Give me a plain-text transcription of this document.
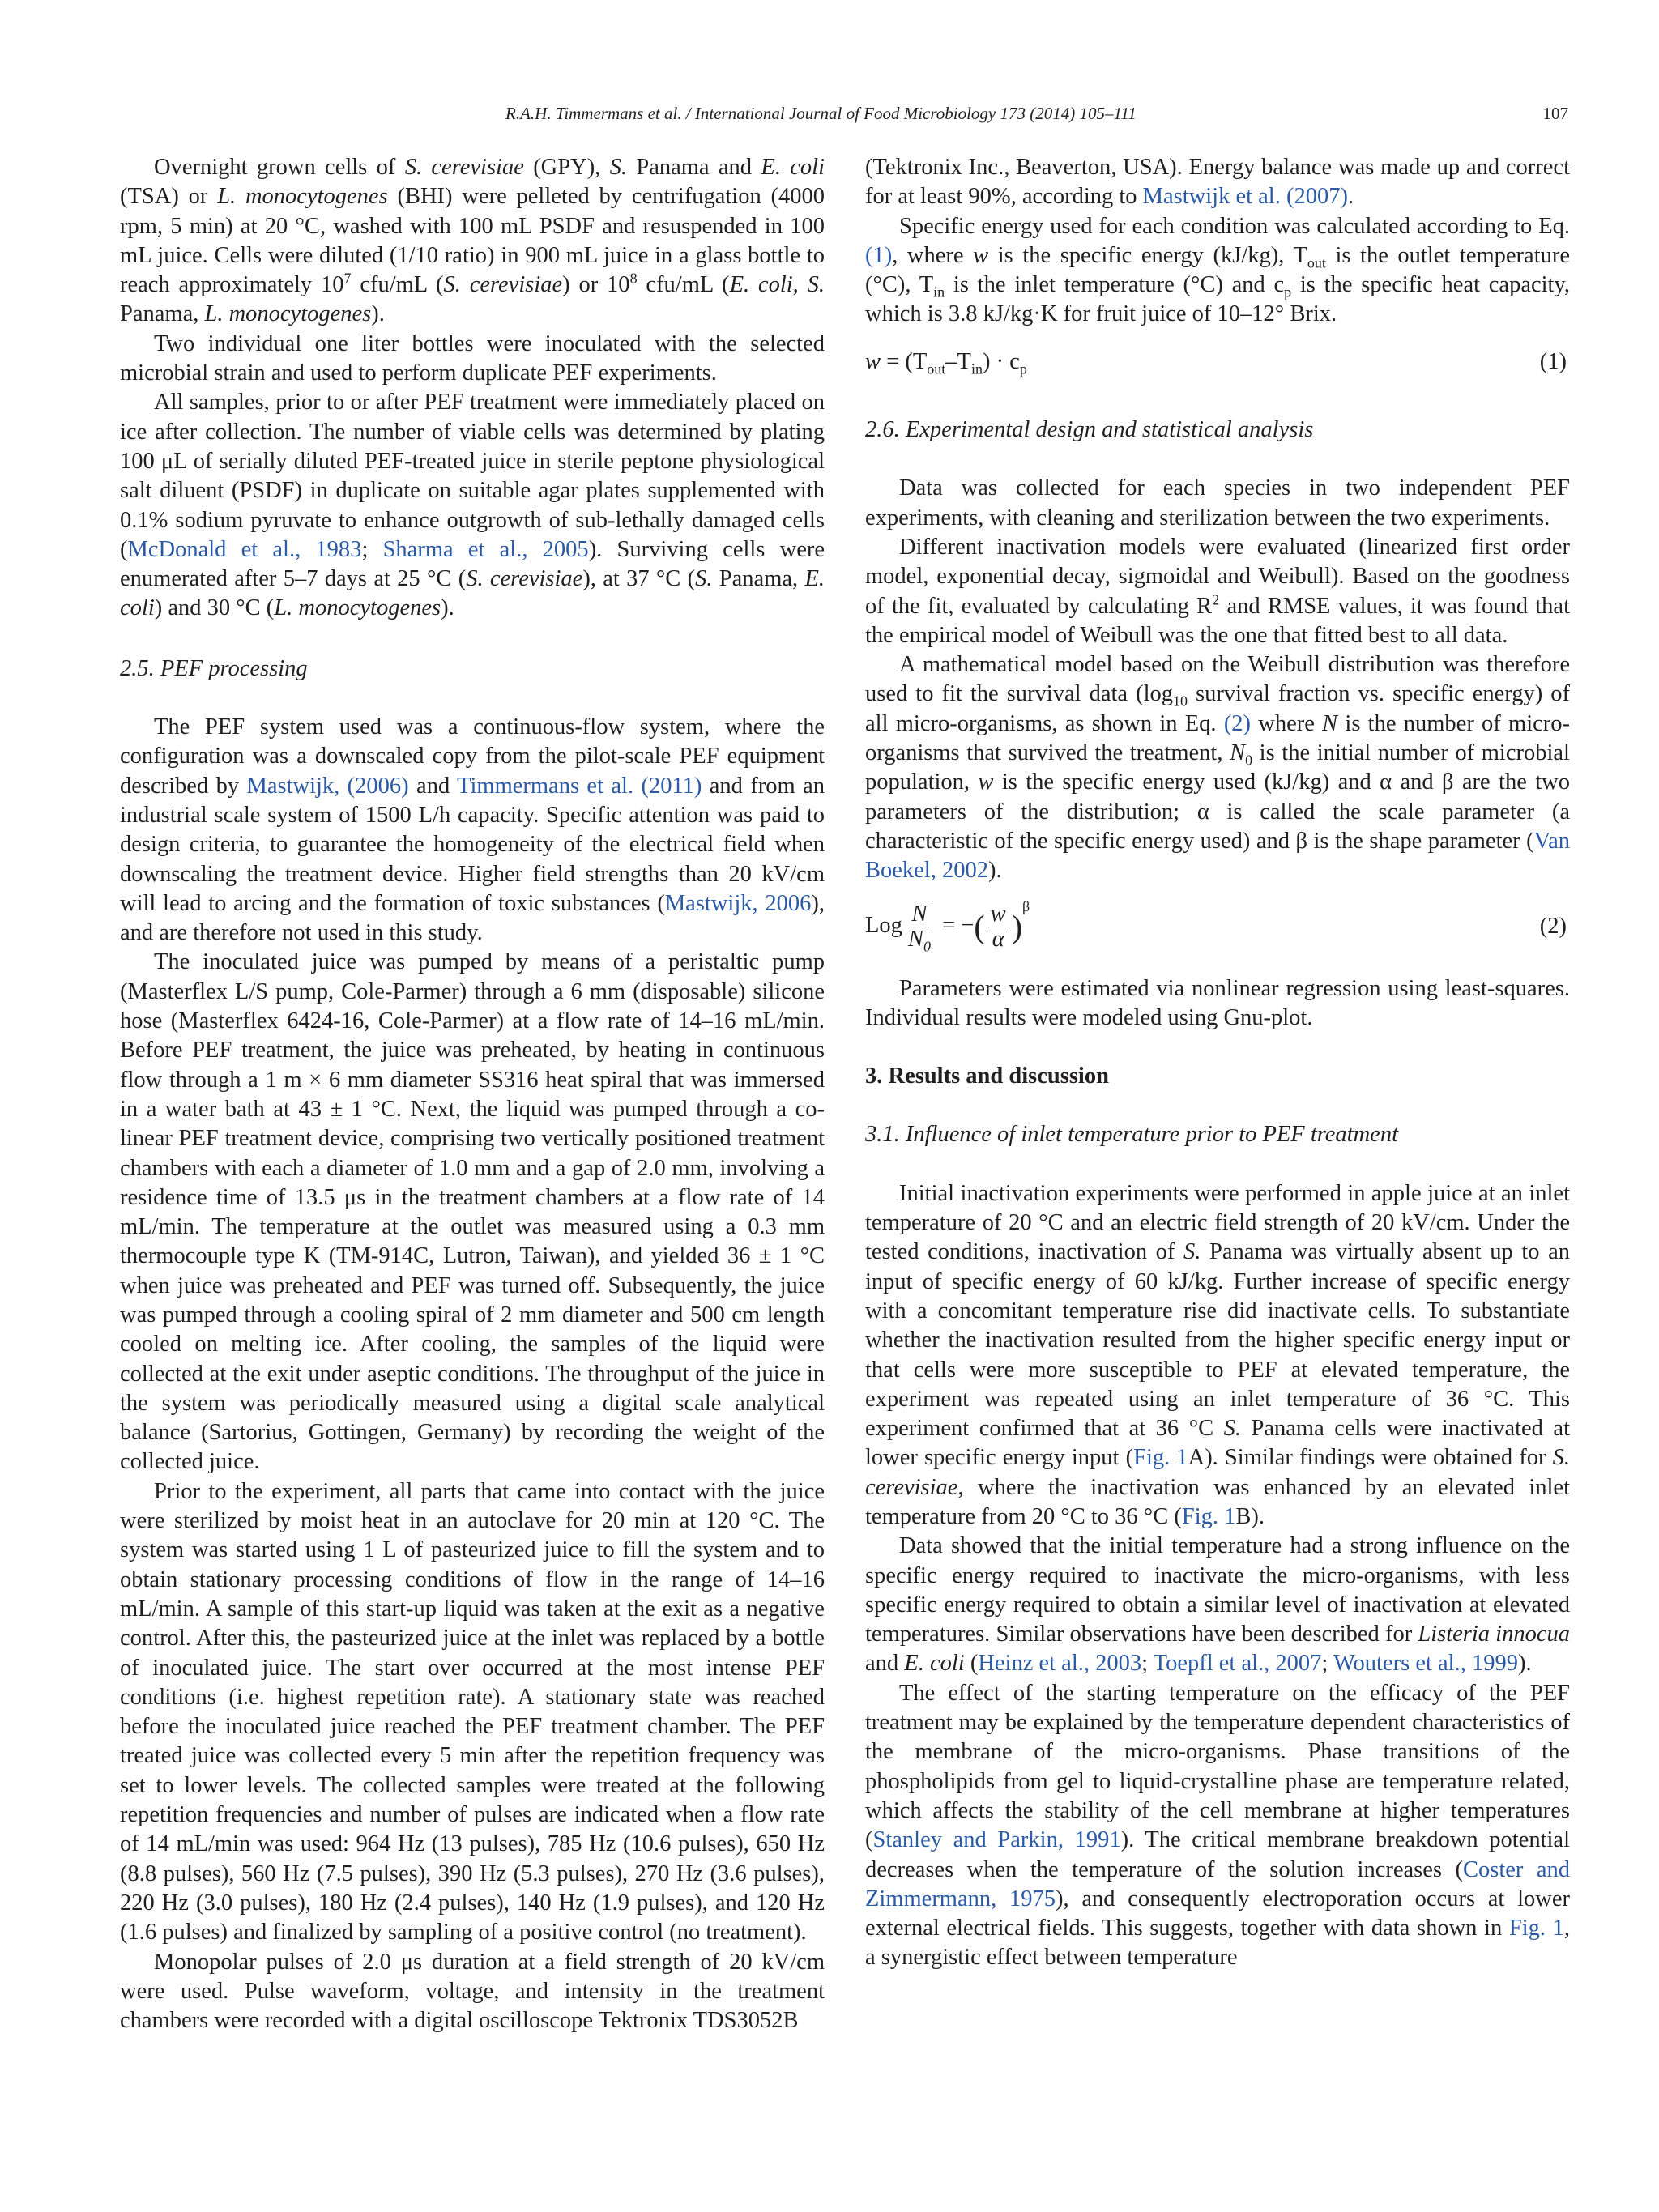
R.A.H. Timmermans et al. / International Journal of Food Microbiology 173 (2014) 105–111	107

Overnight grown cells of S. cerevisiae (GPY), S. Panama and E. coli (TSA) or L. monocytogenes (BHI) were pelleted by centrifugation (4000 rpm, 5 min) at 20 °C, washed with 100 mL PSDF and resuspended in 100 mL juice. Cells were diluted (1/10 ratio) in 900 mL juice in a glass bottle to reach approximately $10^7$ cfu/mL (S. cerevisiae) or $10^8$ cfu/mL (E. coli, S. Panama, L. monocytogenes).

Two individual one liter bottles were inoculated with the selected microbial strain and used to perform duplicate PEF experiments.

All samples, prior to or after PEF treatment were immediately placed on ice after collection. The number of viable cells was determined by plating 100 μL of serially diluted PEF-treated juice in sterile peptone physiological salt diluent (PSDF) in duplicate on suitable agar plates supplemented with 0.1% sodium pyruvate to enhance outgrowth of sub-lethally damaged cells (McDonald et al., 1983; Sharma et al., 2005). Surviving cells were enumerated after 5–7 days at 25 °C (S. cerevisiae), at 37 °C (S. Panama, E. coli) and 30 °C (L. monocytogenes).

2.5. PEF processing

The PEF system used was a continuous-flow system, where the configuration was a downscaled copy from the pilot-scale PEF equipment described by Mastwijk, (2006) and Timmermans et al. (2011) and from an industrial scale system of 1500 L/h capacity. Specific attention was paid to design criteria, to guarantee the homogeneity of the electrical field when downscaling the treatment device. Higher field strengths than 20 kV/cm will lead to arcing and the formation of toxic substances (Mastwijk, 2006), and are therefore not used in this study.

The inoculated juice was pumped by means of a peristaltic pump (Masterflex L/S pump, Cole-Parmer) through a 6 mm (disposable) silicone hose (Masterflex 6424-16, Cole-Parmer) at a flow rate of 14–16 mL/min. Before PEF treatment, the juice was preheated, by heating in continuous flow through a 1 m × 6 mm diameter SS316 heat spiral that was immersed in a water bath at 43 ± 1 °C. Next, the liquid was pumped through a co-linear PEF treatment device, comprising two vertically positioned treatment chambers with each a diameter of 1.0 mm and a gap of 2.0 mm, involving a residence time of 13.5 μs in the treatment chambers at a flow rate of 14 mL/min. The temperature at the outlet was measured using a 0.3 mm thermocouple type K (TM-914C, Lutron, Taiwan), and yielded 36 ± 1 °C when juice was preheated and PEF was turned off. Subsequently, the juice was pumped through a cooling spiral of 2 mm diameter and 500 cm length cooled on melting ice. After cooling, the samples of the liquid were collected at the exit under aseptic conditions. The throughput of the juice in the system was periodically measured using a digital scale analytical balance (Sartorius, Gottingen, Germany) by recording the weight of the collected juice.

Prior to the experiment, all parts that came into contact with the juice were sterilized by moist heat in an autoclave for 20 min at 120 °C. The system was started using 1 L of pasteurized juice to fill the system and to obtain stationary processing conditions of flow in the range of 14–16 mL/min. A sample of this start-up liquid was taken at the exit as a negative control. After this, the pasteurized juice at the inlet was replaced by a bottle of inoculated juice. The start over occurred at the most intense PEF conditions (i.e. highest repetition rate). A stationary state was reached before the inoculated juice reached the PEF treatment chamber. The PEF treated juice was collected every 5 min after the repetition frequency was set to lower levels. The collected samples were treated at the following repetition frequencies and number of pulses are indicated when a flow rate of 14 mL/min was used: 964 Hz (13 pulses), 785 Hz (10.6 pulses), 650 Hz (8.8 pulses), 560 Hz (7.5 pulses), 390 Hz (5.3 pulses), 270 Hz (3.6 pulses), 220 Hz (3.0 pulses), 180 Hz (2.4 pulses), 140 Hz (1.9 pulses), and 120 Hz (1.6 pulses) and finalized by sampling of a positive control (no treatment).

Monopolar pulses of 2.0 μs duration at a field strength of 20 kV/cm were used. Pulse waveform, voltage, and intensity in the treatment chambers were recorded with a digital oscilloscope Tektronix TDS3052B

(Tektronix Inc., Beaverton, USA). Energy balance was made up and correct for at least 90%, according to Mastwijk et al. (2007).

Specific energy used for each condition was calculated according to Eq. (1), where w is the specific energy (kJ/kg), $T_{out}$ is the outlet temperature (°C), $T_{in}$ is the inlet temperature (°C) and $c_p$ is the specific heat capacity, which is 3.8 kJ/kg·K for fruit juice of 10–12° Brix.

$w = (T_{out}-T_{in}) \cdot c_p$	(1)
2.6. Experimental design and statistical analysis

Data was collected for each species in two independent PEF experiments, with cleaning and sterilization between the two experiments.

Different inactivation models were evaluated (linearized first order model, exponential decay, sigmoidal and Weibull). Based on the goodness of the fit, evaluated by calculating $R^2$ and RMSE values, it was found that the empirical model of Weibull was the one that fitted best to all data.

A mathematical model based on the Weibull distribution was therefore used to fit the survival data ($\log_{10}$ survival fraction vs. specific energy) of all micro-organisms, as shown in Eq. (2) where N is the number of micro-organisms that survived the treatment, $N_0$ is the initial number of microbial population, w is the specific energy used (kJ/kg) and α and β are the two parameters of the distribution; α is called the scale parameter (a characteristic of the specific energy used) and β is the shape parameter (Van Boekel, 2002).

Log $\frac{N}{N_0}$ = −( $\frac{w}{\alpha} )^\beta$
(2)

Parameters were estimated via nonlinear regression using least-squares. Individual results were modeled using Gnu-plot.

3. Results and discussion
3.1. Influence of inlet temperature prior to PEF treatment

Initial inactivation experiments were performed in apple juice at an inlet temperature of 20 °C and an electric field strength of 20 kV/cm. Under the tested conditions, inactivation of S. Panama was virtually absent up to an input of specific energy of 60 kJ/kg. Further increase of specific energy with a concomitant temperature rise did inactivate cells. To substantiate whether the inactivation resulted from the higher specific energy input or that cells were more susceptible to PEF at elevated temperature, the experiment was repeated using an inlet temperature of 36 °C. This experiment confirmed that at 36 °C S. Panama cells were inactivated at lower specific energy input (Fig. 1A). Similar findings were obtained for S. cerevisiae, where the inactivation was enhanced by an elevated inlet temperature from 20 °C to 36 °C (Fig. 1B).

Data showed that the initial temperature had a strong influence on the specific energy required to inactivate the micro-organisms, with less specific energy required to obtain a similar level of inactivation at elevated temperatures. Similar observations have been described for Listeria innocua and E. coli (Heinz et al., 2003; Toepfl et al., 2007; Wouters et al., 1999).

The effect of the starting temperature on the efficacy of the PEF treatment may be explained by the temperature dependent characteristics of the membrane of the micro-organisms. Phase transitions of the phospholipids from gel to liquid-crystalline phase are temperature related, which affects the stability of the cell membrane at higher temperatures (Stanley and Parkin, 1991). The critical membrane breakdown potential decreases when the temperature of the solution increases (Coster and Zimmermann, 1975), and consequently electroporation occurs at lower external electrical fields. This suggests, together with data shown in Fig. 1, a synergistic effect between temperature
